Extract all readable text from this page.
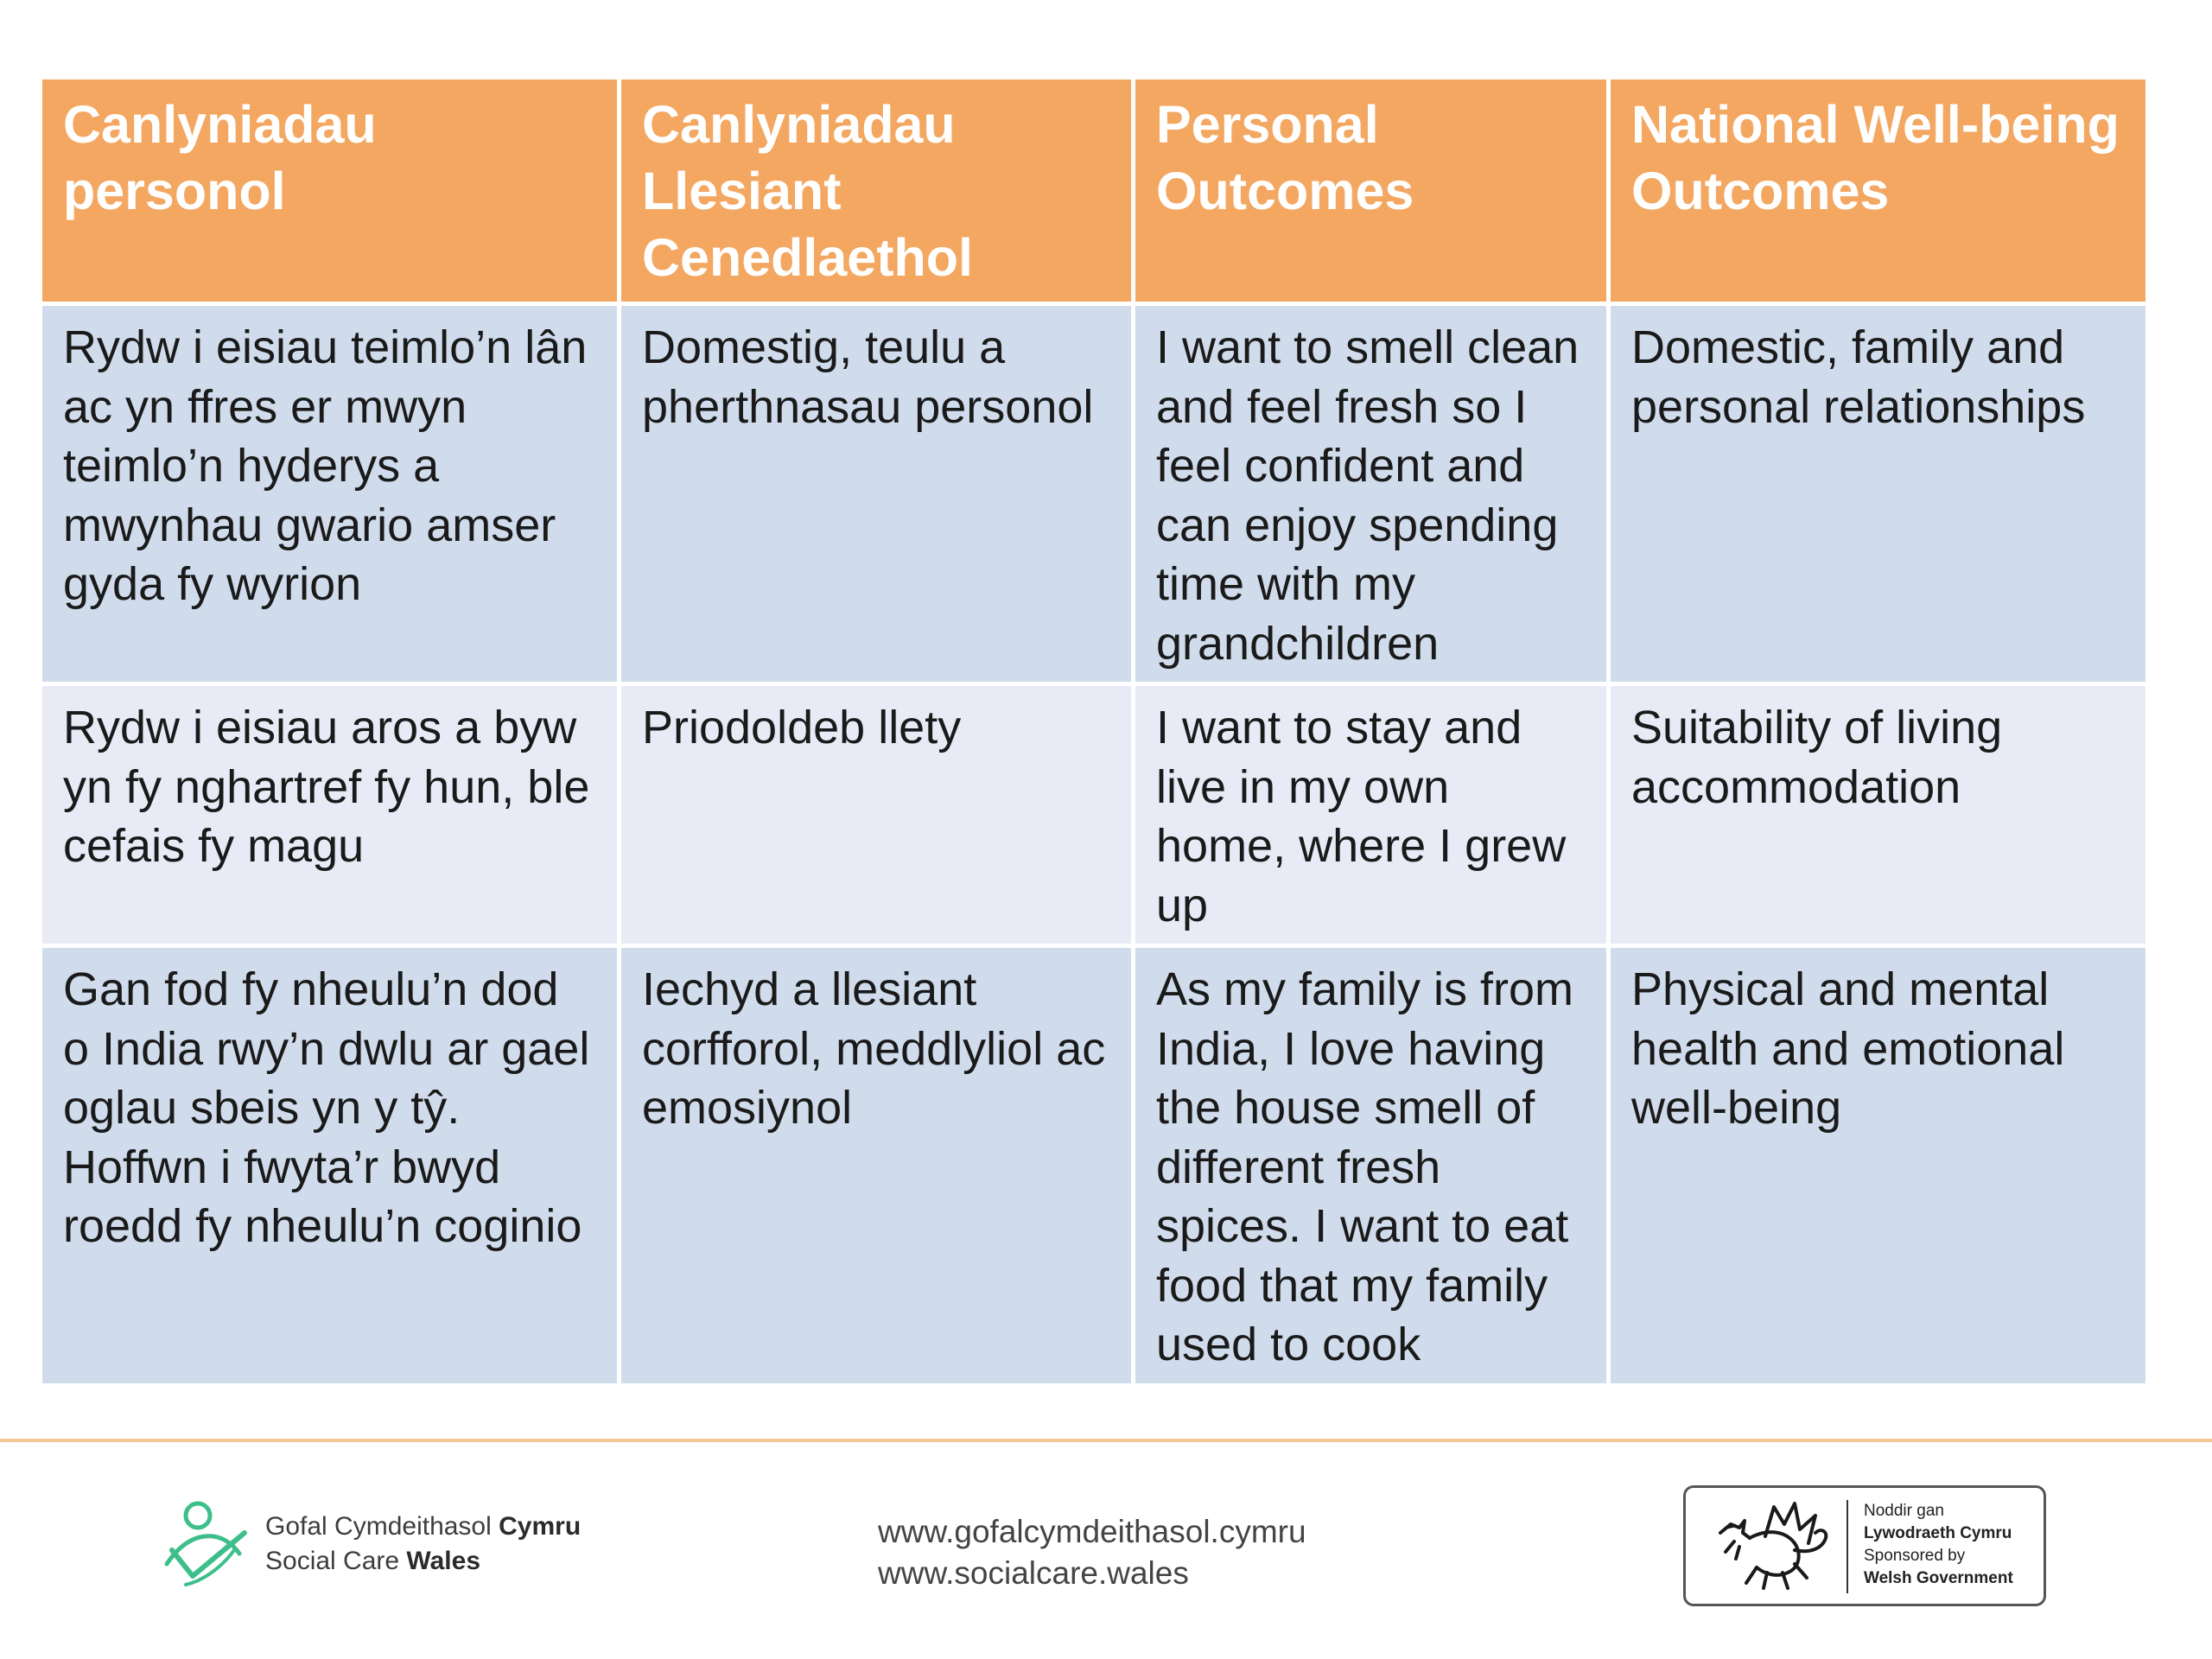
Canlyniadau personol	Canlyniadau Llesiant Cenedlaethol	Personal Outcomes	National Well-being Outcomes
Rydw i eisiau teimlo’n lân ac yn ffres er mwyn teimlo’n hyderys a mwynhau gwario amser gyda fy wyrion	Domestig, teulu a pherthnasau personol	I want to smell clean and feel fresh so I feel confident and can enjoy spending time with my grandchildren	Domestic, family and personal relationships
Rydw i eisiau aros a byw yn fy nghartref fy hun, ble cefais fy magu	Priodoldeb llety	I want to stay and live in my own home, where I grew up	Suitability of living accommodation
Gan fod fy nheulu’n dod o India rwy’n dwlu ar gael oglau sbeis yn y tŷ. Hoffwn i fwyta’r bwyd roedd fy nheulu’n coginio	Iechyd a llesiant corfforol, meddlyliol ac emosiynol	As my family is from India, I love having the house smell of different fresh spices. I want to eat food that my family used to cook	Physical and mental health and emotional well-being
Gofal Cymdeithasol Cymru
Social Care Wales
www.gofalcymdeithasol.cymru
www.socialcare.wales
Noddir gan
Lywodraeth Cymru
Sponsored by
Welsh Government
